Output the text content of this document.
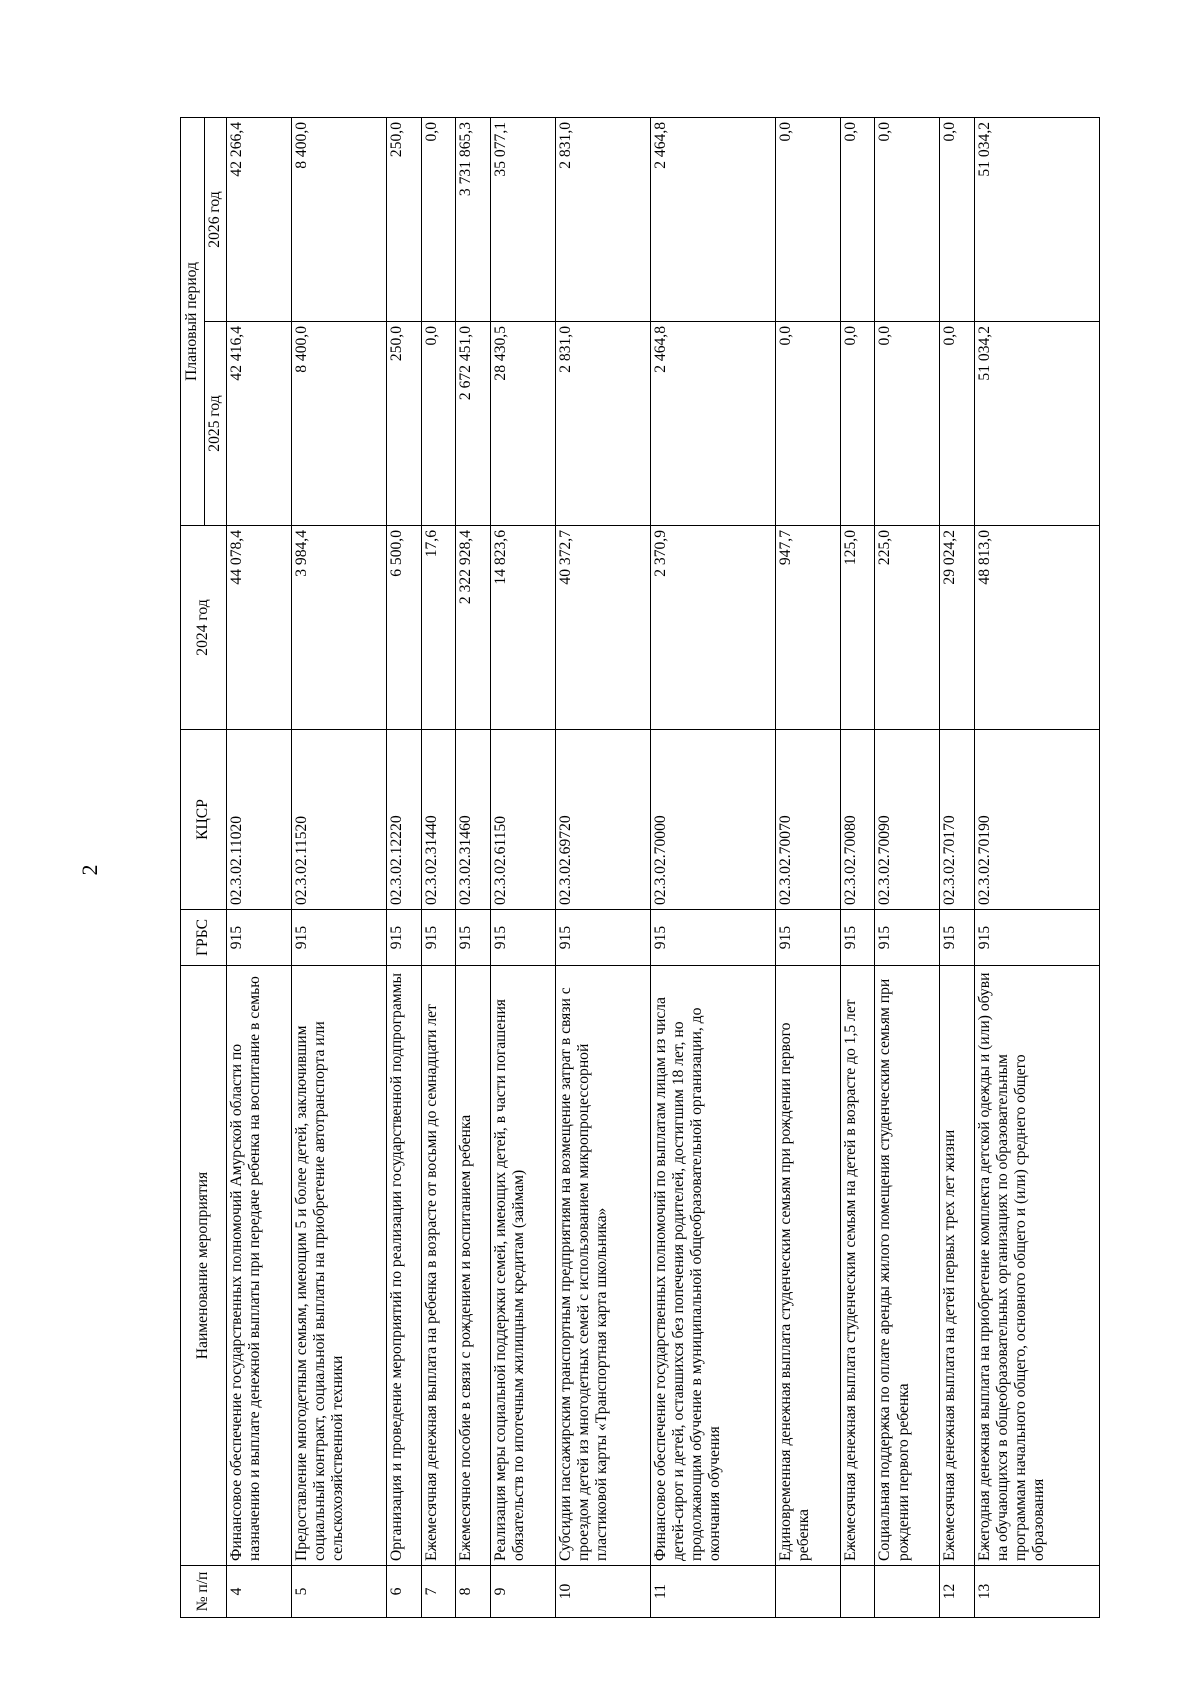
2
№ п/п	Наименование мероприятия	ГРБС	КЦСР	2024 год	Плановый период	
					2025 год	2026 год
4	Финансовое обеспечение государственных полномочий Амурской области по назначению и выплате денежной выплаты при передаче ребенка на воспитание в семью	915	02.3.02.11020	44 078,4	42 416,4	42 266,4
5	Предоставление многодетным семьям, имеющим 5 и более детей, заключившим социальный контракт, социальной выплаты на приобретение автотранспорта или сельскохозяйственной техники	915	02.3.02.11520	3 984,4	8 400,0	8 400,0
6	Организация и проведение мероприятий по реализации государственной подпрограммы	915	02.3.02.12220	6 500,0	250,0	250,0
7	Ежемесячная денежная выплата на ребенка в возрасте от восьми до семнадцати лет	915	02.3.02.31440	17,6	0,0	0,0
8	Ежемесячное пособие в связи с рождением и воспитанием ребенка	915	02.3.02.31460	2 322 928,4	2 672 451,0	3 731 865,3
9	Реализация меры социальной поддержки семей, имеющих детей, в части погашения обязательств по ипотечным жилищным кредитам (займам)	915	02.3.02.61150	14 823,6	28 430,5	35 077,1
10	Субсидии пассажирским транспортным предприятиям на возмещение затрат в связи с проездом детей из многодетных семей с использованием микропроцессорной пластиковой карты «Транспортная карта школьника»	915	02.3.02.69720	40 372,7	2 831,0	2 831,0
11	Финансовое обеспечение государственных полномочий по выплатам лицам из числа детей-сирот и детей, оставшихся без попечения родителей, достигшим 18 лет, но продолжающим обучение в муниципальной общеобразовательной организации, до окончания обучения	915	02.3.02.70000	2 370,9	2 464,8	2 464,8
	Единовременная денежная выплата студенческим семьям при рождении первого ребенка	915	02.3.02.70070	947,7	0,0	0,0
	Ежемесячная денежная выплата студенческим семьям на детей в возрасте до 1,5 лет	915	02.3.02.70080	125,0	0,0	0,0
	Социальная поддержка по оплате аренды жилого помещения студенческим семьям при рождении первого ребенка	915	02.3.02.70090	225,0	0,0	0,0
12	Ежемесячная денежная выплата на детей первых трех лет жизни	915	02.3.02.70170	29 024,2	0,0	0,0
13	Ежегодная денежная выплата на приобретение комплекта детской одежды и (или) обуви на обучающихся в общеобразовательных организациях по образовательным программам начального общего, основного общего и (или) среднего общего образования	915	02.3.02.70190	48 813,0	51 034,2	51 034,2
